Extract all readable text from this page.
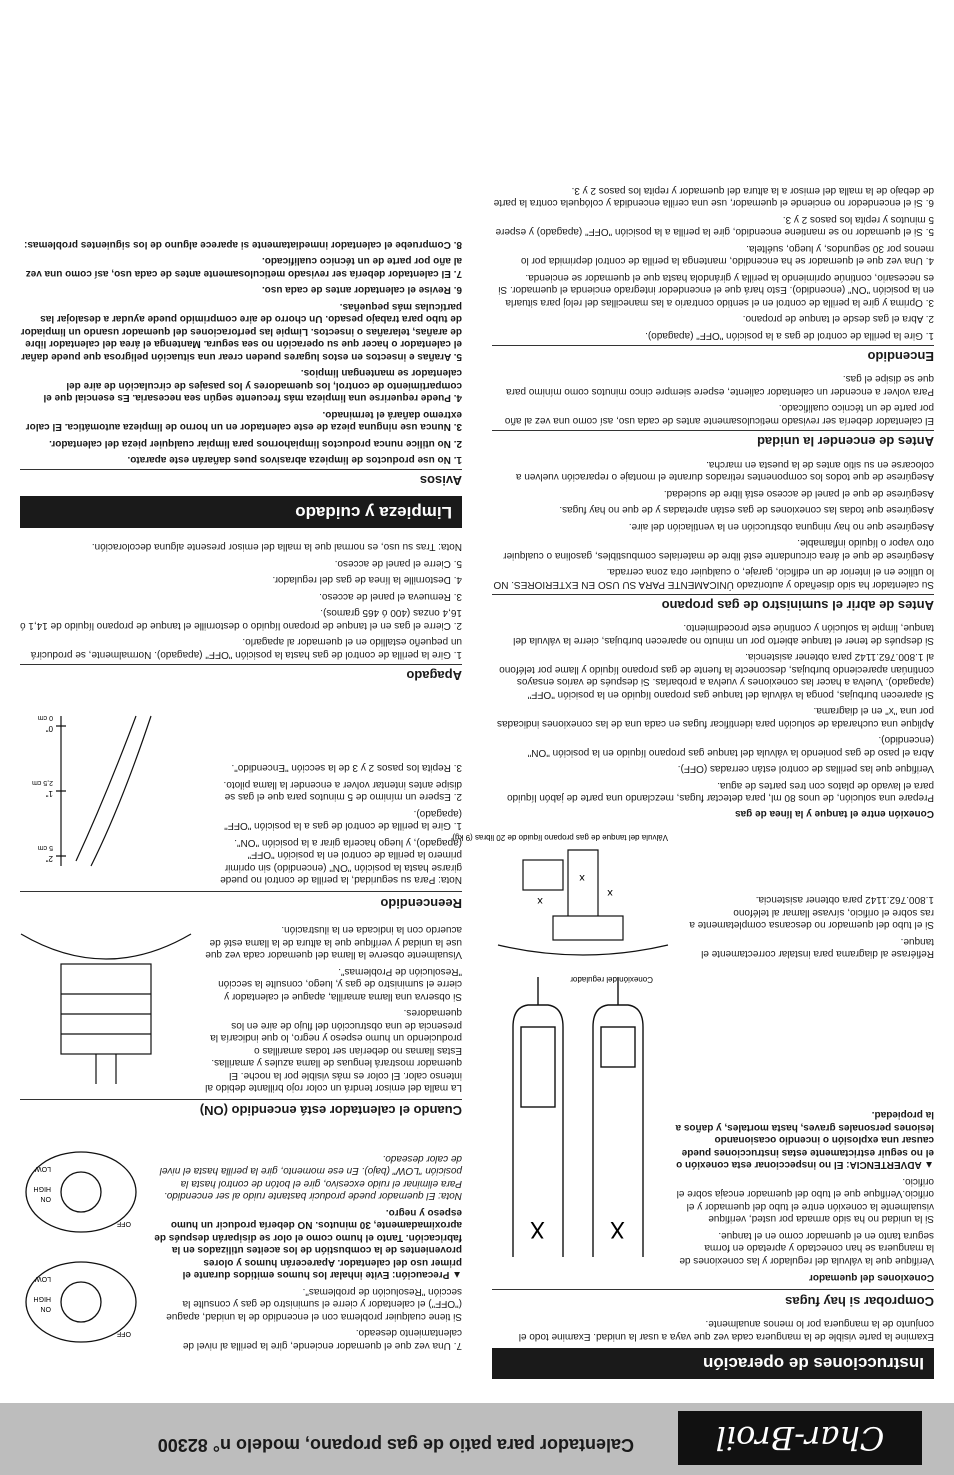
Char-Broil
Calentador para patio de gas propano, modelo n° 82300
Instrucciones de operación

Examine la parte visible de la manguera cada vez que vaya a usar la unidad. Examine todo el conjunto de la manguera por lo menos anualmente.

Comprobar si hay fugas
Conexiones del quemador

Verifique que la válvula del regulador y las conexiones de la manguera se han conectado y apretado en forma segura tanto en el quemador como en el tanque.

Si la unidad no ha sido armada por usted, verifique visualmente la conexión entre el tubo del quemador y el orificio.Verifique que el tubo del quemador encaja sobre el orificio.

▲ ADVERTENCIA: El no inspeccionar esta conexión o el no seguir estrictamente estas instrucciones puede causar una explosión o incendio ocasionando lesiones personales graves, hasta mortales, y daños a la propiedad.

X
X
Conexión del regulador

Refiérase al diagrama para instalar correctamente el tanque.

Si el tubo del quemador no descansa completamente a ras sobre el orificio, sírvase llamar al teléfono 1.800.762.1142 para obtener asistencia.

x
x
x
Válvula del tanque de gas propano líquido de 20 libras (9 kg)
Conexión entre el tanque y la línea de gas

Prepare una solución, de unos 80 ml, para detectar fugas, mezclando una parte de jabón líquido para el lavado de platos con tres partes de agua.

Verifique que las perillas de control están cerradas (OFF).

Abra el paso de gas poniendo la válvula del tanque gas propano líquido en la posición "ON" (encendido).

Aplique una cucharada de solución para identificar fugas en cada una de las conexiones indicadas por una "x" en el diagrama.

Si aparecen burbujas, ponga la válvula del tanque gas propano líquido en la posición "OFF" (apagado). Vuelva a hacer las conexiones y vuelva a probarlas. Si después de varios ensayos continúan apareciendo burbujas, desconecte la fuente de gas propano líquido y llame por teléfono al 1.800.762.1142 para obtener asistencia.

Si después de tener el tanque abierto por un minuto no aparecen burbujas, cierre la válvula del tanque, limpie la solución y continúe este procedimiento.

Antes de abrir el suministro de gas propano

Su calentador ha sido diseñado y autorizado ÚNICAMENTE PARA SU USO EN EXTERIORES. NO lo utilice en el interior de un edificio, garaje, o cualquier otra zona cerrada.

Asegúrese de que el área circundante esté libre de materiales combustibles, gasolina o cualquier otro vapor o líquido inflamable.

Asegúrese que no hay ninguna obstrucción en la ventilación del aire.

Asegúrese que todas las conexiones de gas están apretadas y de que no hay fugas.

Asegúrese de que el panel de acceso está libre de suciedad.

Asegúrese de que todos los componentes retirados durante el montaje o reparación vuelven a colocarse en su sitio antes de la puesta en marcha.

Antes de encender la unidad

El calentador debería ser revisado meticulosamente antes de cada uso, así como una vez al año por parte de un técnico cualificado.

Para volver a encender un calentador caliente, espere siempre cinco minutos como mínimo para que se disipe el gas.

Encendido

1. Gire la perilla de control de gas a la posición "OFF" (apagado).

2. Abra el gas desde el tanque de propano.

3. Oprima y gire la perilla de control en el sentido contrario a las manecillas del reloj para situarla en la posición "ON" (encendido). Esto hará que el encendedor integrado encienda el quemador. Si es necesario, continúe oprimiendo la perilla y girándola hasta que el quemador se encienda.

4. Una vez que el quemador se ha encendido, mantenga la perilla de control deprimida por lo menos por 30 segundos, y luego, suéltela.

5. Si el quemador no se mantiene encendido, gire la perilla a la posición "OFF" (apagado) y espere 5 minutos y repita los pasos 2 y 3.

6. Si el encendedor no enciende el quemador, use una cerilla encendida y colóquela contra la parte de debajo de la malla del emisor a la altura del quemador y repita los pasos 2 y 3.

7. Una vez que el quemador enciende, gire la perilla al nivel de calentamiento deseado.

Si tiene cualquier problema con el encendido de la unidad, apague ("OFF") el calentador y cierre el suministro de gas y consulte la sección "Resolución de problemas".

▲ Precaución: Evite inhalar los humos emitidos durante el primer uso del calentador. Aparecerán humos y olores provenientes de la combustión de los aceites utilizados en la fabricación. Tanto el humo como el olor se disiparán después de aproximadamente, 30 minutos. NO debería producir un humo espeso y negro.

Nota: El quemador puede producir bastante ruido al ser encendido. Para eliminar el ruido excesivo, gire el botón de control hasta la posición "LOW" (bajo). En ese momento, gire la perilla hasta el nivel de calor deseado.

OFF
ON
HIGH
LOW
OFF
ON
HIGH
LOW
Cuando el calentador está encendido (ON)

La malla del emisor tendrá un color rojo brillante debido al intenso calor. El color es más visible por la noche. El quemador mostrará lenguas de llama azules y amarillas. Estas llamas no deberían ser todas amarillas o produciendo un humo espeso y negro, lo que indicaría la presencia de una obstrucción del flujo de aire en los quemadores.

Si observa una llama amarilla, apague el calentador y cierre el suministro de gas y, luego, consulte la sección "Resolución de Problemas".

Visualmente observe la llama del quemador cada vez que use la unidad y verifique que la altura de la llama esté de acuerdo con la indicada en la ilustración.

Reencendido

Nota: Para su seguridad, la perilla de control no puede girarse hasta la posición "ON" (encendido) sin oprimir primero la perilla de control en la posición "OFF" (apagado), y luego hacerla girar a la posición "ON".

1. Gire la perilla de control de gas a la posición "OFF" (apagado).

2. Espere un mínimo de 5 minutos para que el gas se disipe antes intentar volver a encender la llama piloto.

3. Repita los pasos 2 y 3 de la sección "Encendido".

2"
5 cm
1"
2,5 cm
0"
0 cm
Apagado

1. Gire la perilla de control de gas hasta la posición "OFF" (apagado). Normalmente, se producirá un pequeño estallido en el quemador al apagarlo.

2. Cierre el gas en el tanque de propano líquido o destornille el tanque de propano líquido de 14,1 ó 16,4 onzas (400 ó 465 gramos).

3. Remueva el panel de acceso.

4. Destornille la línea de gas del regulador.

5. Cierre el panel de acceso.

Nota: Tras su uso, es normal que la malla del emisor presente alguna decoloración.

Limpieza y cuidado
Avisos

1. No use productos de limpieza abrasivos pues dañarán este aparato.

2. No utilice nunca productos limpiahornos para limpiar cualquier pieza del calentador.

3. Nunca use ninguna pieza de este calentador en un horno de limpieza automática. El calor extremo dañará el terminado.

4. Puede requerirse una limpieza más frecuente según sea necesaria. Es esencial que el compartimiento de control, los quemadores y los pasajes de circulación de aire del calentador se mantengan limpios.

5. Arañas e insectos en estos lugares pueden crear una situación peligrosa que puede dañar el calentador o hacer que su operación no sea segura. Mantenga el área del calentador libre de arañas, telarañas o insectos. Limpie las perforaciones del quemador usando un limpiador de tubo para trabajo pesado. Un chorro de aire comprimido puede ayudar a desalojar las partículas más pequeñas.

6. Revise el calentador antes de cada uso.

7. El calentador debería ser revisado meticulosamente antes de cada uso, así como una vez al año por parte de un técnico cualificado.

8. Compruebe el calentador inmediatamente si aparece alguno de los siguientes problemas:
